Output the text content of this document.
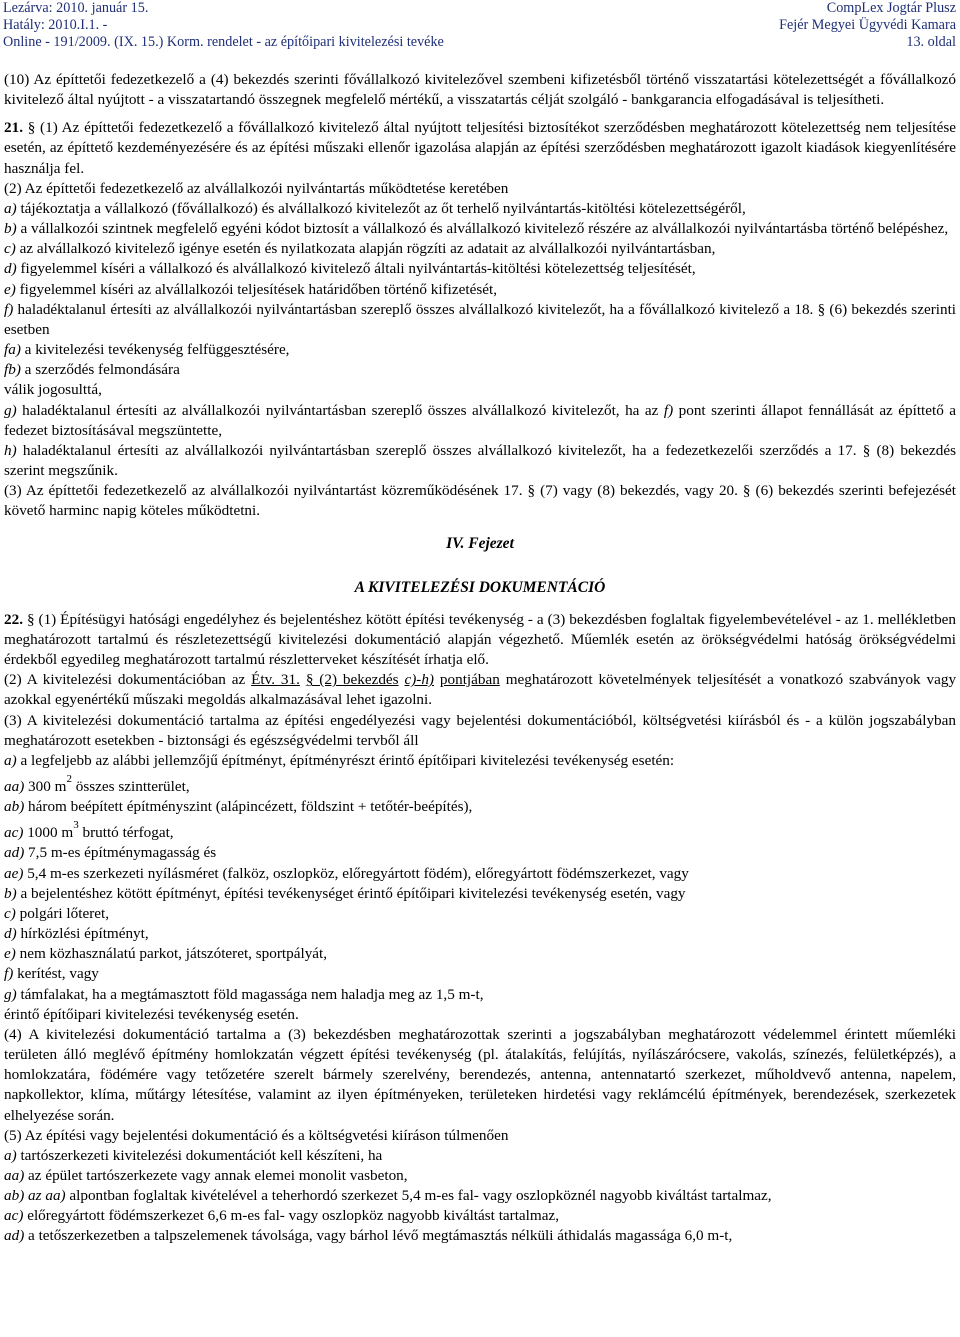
Lezárva: 2010. január 15.
Hatály: 2010.I.1. -
Online - 191/2009. (IX. 15.) Korm. rendelet - az építőipari kivitelezési tevéke
CompLex Jogtár Plusz
Fejér Megyei Ügyvédi Kamara
13. oldal

(10) Az építtetői fedezetkezelő a (4) bekezdés szerinti fővállalkozó kivitelezővel szembeni kifizetésből történő visszatartási kötelezettségét a fővállalkozó kivitelező által nyújtott - a visszatartandó összegnek megfelelő mértékű, a visszatartás célját szolgáló - bankgarancia elfogadásával is teljesítheti.

21. § (1) Az építtetői fedezetkezelő a fővállalkozó kivitelező által nyújtott teljesítési biztosítékot szerződésben meghatározott kötelezettség nem teljesítése esetén, az építtető kezdeményezésére és az építési műszaki ellenőr igazolása alapján az építési szerződésben meghatározott igazolt kiadások kiegyenlítésére használja fel.

(2) Az építtetői fedezetkezelő az alvállalkozói nyilvántartás működtetése keretében

a) tájékoztatja a vállalkozó (fővállalkozó) és alvállalkozó kivitelezőt az őt terhelő nyilvántartás-kitöltési kötelezettségéről,

b) a vállalkozói szintnek megfelelő egyéni kódot biztosít a vállalkozó és alvállalkozó kivitelező részére az alvállalkozói nyilvántartásba történő belépéshez,

c) az alvállalkozó kivitelező igénye esetén és nyilatkozata alapján rögzíti az adatait az alvállalkozói nyilvántartásban,

d) figyelemmel kíséri a vállalkozó és alvállalkozó kivitelező általi nyilvántartás-kitöltési kötelezettség teljesítését,

e) figyelemmel kíséri az alvállalkozói teljesítések határidőben történő kifizetését,

f) haladéktalanul értesíti az alvállalkozói nyilvántartásban szereplő összes alvállalkozó kivitelezőt, ha a fővállalkozó kivitelező a 18. § (6) bekezdés szerinti esetben

fa) a kivitelezési tevékenység felfüggesztésére,

fb) a szerződés felmondására

válik jogosulttá,

g) haladéktalanul értesíti az alvállalkozói nyilvántartásban szereplő összes alvállalkozó kivitelezőt, ha az f) pont szerinti állapot fennállását az építtető a fedezet biztosításával megszüntette,

h) haladéktalanul értesíti az alvállalkozói nyilvántartásban szereplő összes alvállalkozó kivitelezőt, ha a fedezetkezelői szerződés a 17. § (8) bekezdés szerint megszűnik.

(3) Az építtetői fedezetkezelő az alvállalkozói nyilvántartást közreműködésének 17. § (7) vagy (8) bekezdés, vagy 20. § (6) bekezdés szerinti befejezését követő harminc napig köteles működtetni.

IV. Fejezet

A KIVITELEZÉSI DOKUMENTÁCIÓ

22. § (1) Építésügyi hatósági engedélyhez és bejelentéshez kötött építési tevékenység - a (3) bekezdésben foglaltak figyelembevételével - az 1. mellékletben meghatározott tartalmú és részletezettségű kivitelezési dokumentáció alapján végezhető. Műemlék esetén az örökségvédelmi hatóság örökségvédelmi érdekből egyedileg meghatározott tartalmú részletterveket készítését írhatja elő.

(2) A kivitelezési dokumentációban az Étv. 31. § (2) bekezdés c)-h) pontjában meghatározott követelmények teljesítését a vonatkozó szabványok vagy azokkal egyenértékű műszaki megoldás alkalmazásával lehet igazolni.

(3) A kivitelezési dokumentáció tartalma az építési engedélyezési vagy bejelentési dokumentációból, költségvetési kiírásból és - a külön jogszabályban meghatározott esetekben - biztonsági és egészségvédelmi tervből áll

a) a legfeljebb az alábbi jellemzőjű építményt, építményrészt érintő építőipari kivitelezési tevékenység esetén:

aa) 300 $m^2$ összes szintterület,

ab) három beépített építményszint (alápincézett, földszint + tetőtér-beépítés),

ac) 1000 $m^3$ bruttó térfogat,

ad) 7,5 m-es építménymagasság és

ae) 5,4 m-es szerkezeti nyílásméret (falköz, oszlopköz, előregyártott födém), előregyártott födémszerkezet, vagy

b) a bejelentéshez kötött építményt, építési tevékenységet érintő építőipari kivitelezési tevékenység esetén, vagy

c) polgári lőteret,

d) hírközlési építményt,

e) nem közhasználatú parkot, játszóteret, sportpályát,

f) kerítést, vagy

g) támfalakat, ha a megtámasztott föld magassága nem haladja meg az 1,5 m-t,

érintő építőipari kivitelezési tevékenység esetén.

(4) A kivitelezési dokumentáció tartalma a (3) bekezdésben meghatározottak szerinti a jogszabályban meghatározott védelemmel érintett műemléki területen álló meglévő építmény homlokzatán végzett építési tevékenység (pl. átalakítás, felújítás, nyílászárócsere, vakolás, színezés, felületképzés), a homlokzatára, födémére vagy tetőzetére szerelt bármely szerelvény, berendezés, antenna, antennatartó szerkezet, műholdvevő antenna, napelem, napkollektor, klíma, műtárgy létesítése, valamint az ilyen építményeken, területeken hirdetési vagy reklámcélú építmények, berendezések, szerkezetek elhelyezése során.

(5) Az építési vagy bejelentési dokumentáció és a költségvetési kiíráson túlmenően

a) tartószerkezeti kivitelezési dokumentációt kell készíteni, ha

aa) az épület tartószerkezete vagy annak elemei monolit vasbeton,

ab) az aa) alpontban foglaltak kivételével a teherhordó szerkezet 5,4 m-es fal- vagy oszlopköznél nagyobb kiváltást tartalmaz,

ac) előregyártott födémszerkezet 6,6 m-es fal- vagy oszlopköz nagyobb kiváltást tartalmaz,

ad) a tetőszerkezetben a talpszelemenek távolsága, vagy bárhol lévő megtámasztás nélküli áthidalás magassága 6,0 m-t,
